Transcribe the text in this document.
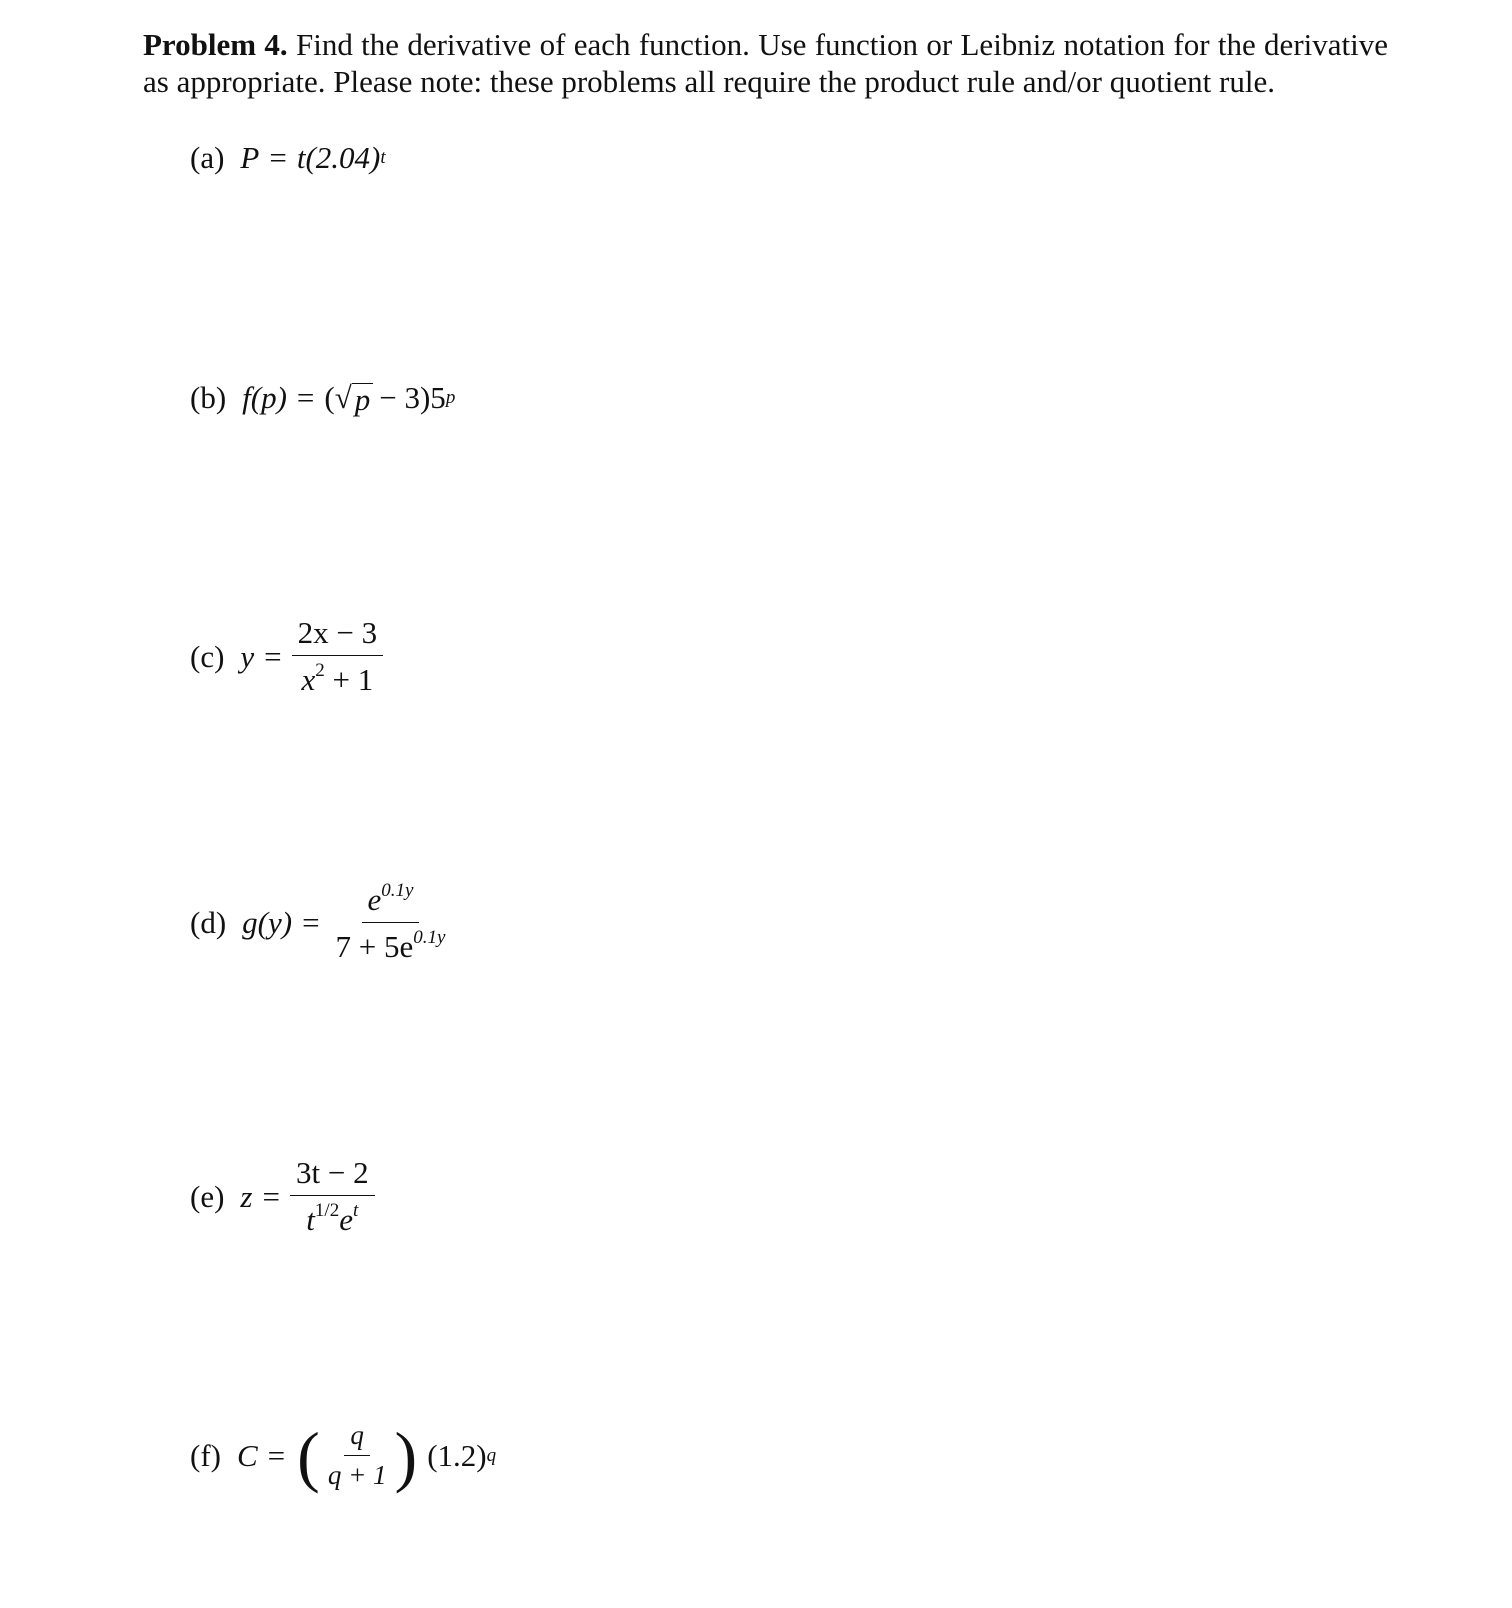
Problem 4. Find the derivative of each function. Use function or Leibniz notation for the derivative as appropriate. Please note: these problems all require the product rule and/or quotient rule.
(a) P = t(2.04) t
(b) f(p) = ( √ p − 3)5 p
(c) $y = \frac{2x - 3}{x^2 + 1}$
(d) $g(y) = \frac{e^{0.1y}}{7 + 5e^{0.1y}}$
(e) $z = \frac{3t - 2}{t^{1/2}e^t}$
(f) C = ( $\frac{q}{q + 1}$ ) (1.2) q
